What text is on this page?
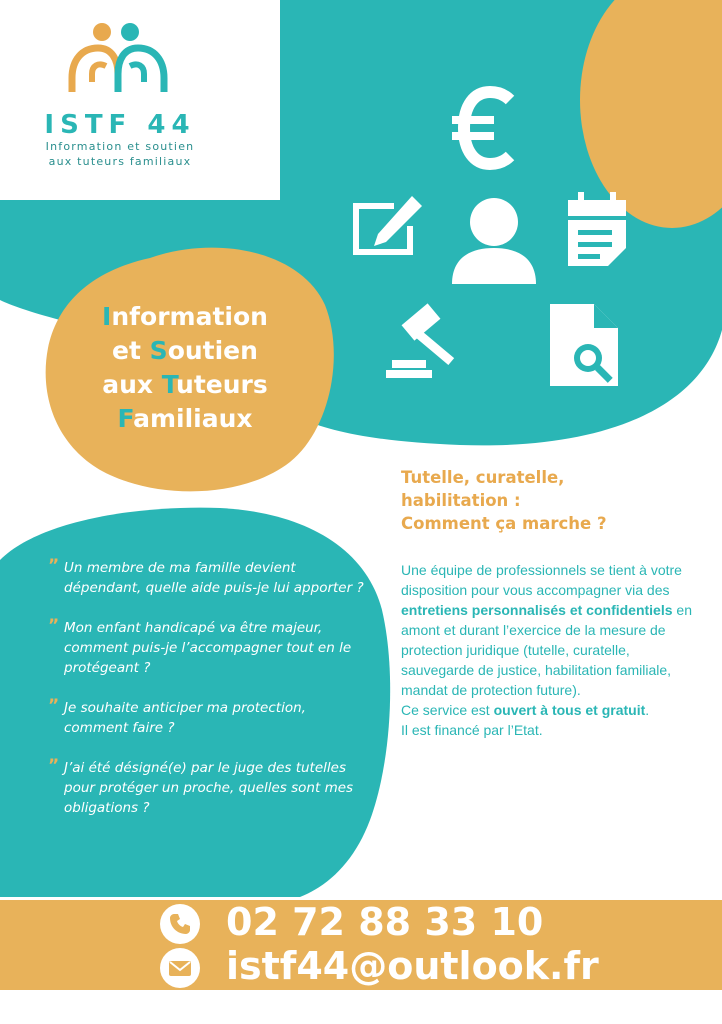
ISTF 44
Information et soutien
aux tuteurs familiaux
Information
et Soutien
aux Tuteurs
Familiaux
” Un membre de ma famille devient dépendant, quelle aide puis-je lui apporter ?
” Mon enfant handicapé va être majeur, comment puis-je l’accompagner tout en le protégeant ?
” Je souhaite anticiper ma protection, comment faire ?
” J’ai été désigné(e) par le juge des tutelles pour protéger un proche, quelles sont mes obligations ?
Tutelle, curatelle,
habilitation :
Comment ça marche ?
Une équipe de professionnels se tient à votre disposition pour vous accompagner via des entretiens personnalisés et confidentiels en amont et durant l’exercice de la mesure de protection juridique (tutelle, curatelle, sauvegarde de justice, habilitation familiale, mandat de protection future).
Ce service est ouvert à tous et gratuit.
Il est financé par l’Etat.
02 72 88 33 10
istf44@outlook.fr
